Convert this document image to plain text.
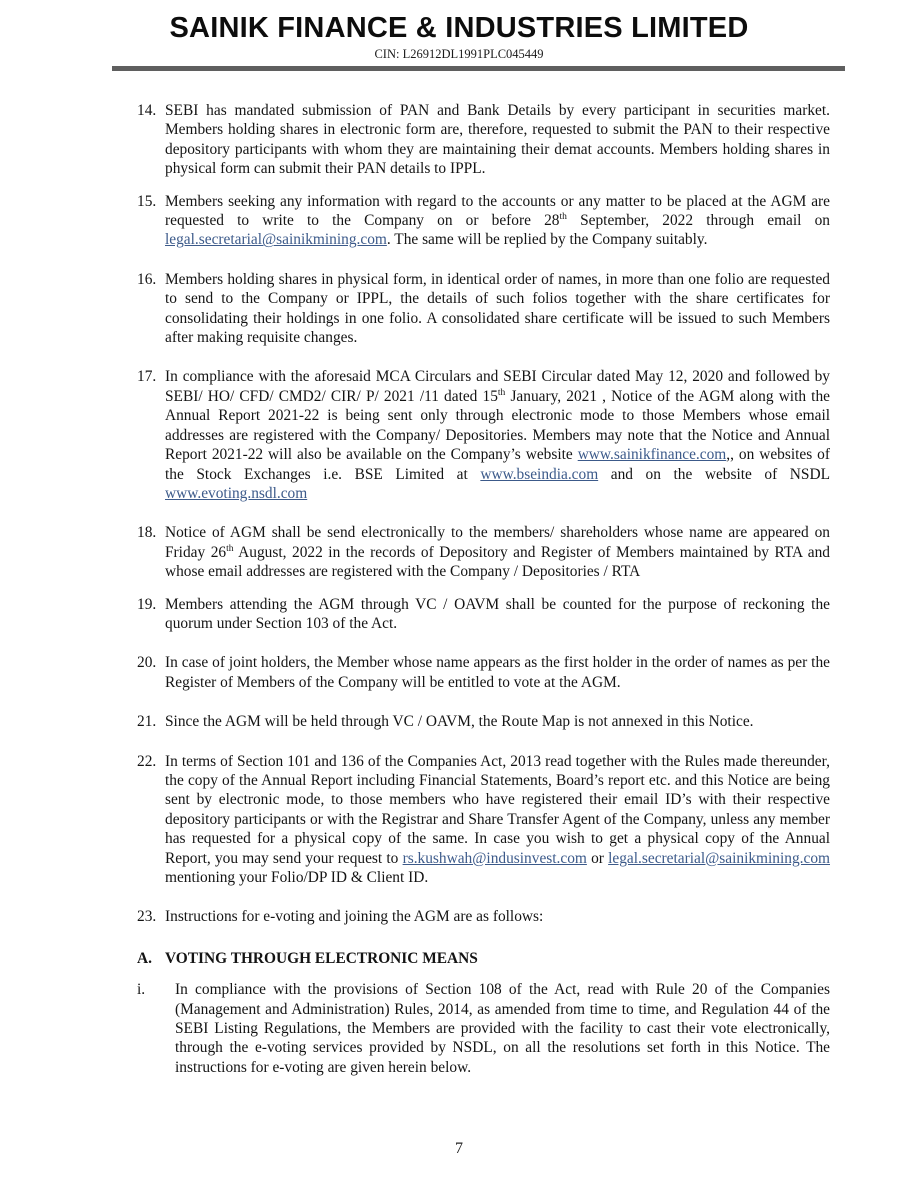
SAINIK FINANCE & INDUSTRIES LIMITED
CIN: L26912DL1991PLC045449
14. SEBI has mandated submission of PAN and Bank Details by every participant in securities market. Members holding shares in electronic form are, therefore, requested to submit the PAN to their respective depository participants with whom they are maintaining their demat accounts. Members holding shares in physical form can submit their PAN details to IPPL.

15. Members seeking any information with regard to the accounts or any matter to be placed at the AGM are requested to write to the Company on or before 28th September, 2022 through email on legal.secretarial@sainikmining.com. The same will be replied by the Company suitably.

16. Members holding shares in physical form, in identical order of names, in more than one folio are requested to send to the Company or IPPL, the details of such folios together with the share certificates for consolidating their holdings in one folio. A consolidated share certificate will be issued to such Members after making requisite changes.

17. In compliance with the aforesaid MCA Circulars and SEBI Circular dated May 12, 2020 and followed by SEBI/ HO/ CFD/ CMD2/ CIR/ P/ 2021 /11 dated 15th January, 2021 , Notice of the AGM along with the Annual Report 2021-22 is being sent only through electronic mode to those Members whose email addresses are registered with the Company/ Depositories. Members may note that the Notice and Annual Report 2021-22 will also be available on the Company’s website www.sainikfinance.com,, on websites of the Stock Exchanges i.e. BSE Limited at www.bseindia.com and on the website of NSDL www.evoting.nsdl.com

18. Notice of AGM shall be send electronically to the members/ shareholders whose name are appeared on Friday 26th August, 2022 in the records of Depository and Register of Members maintained by RTA and whose email addresses are registered with the Company / Depositories / RTA

19. Members attending the AGM through VC / OAVM shall be counted for the purpose of reckoning the quorum under Section 103 of the Act.

20. In case of joint holders, the Member whose name appears as the first holder in the order of names as per the Register of Members of the Company will be entitled to vote at the AGM.

21. Since the AGM will be held through VC / OAVM, the Route Map is not annexed in this Notice.

22. In terms of Section 101 and 136 of the Companies Act, 2013 read together with the Rules made thereunder, the copy of the Annual Report including Financial Statements, Board’s report etc. and this Notice are being sent by electronic mode, to those members who have registered their email ID’s with their respective depository participants or with the Registrar and Share Transfer Agent of the Company, unless any member has requested for a physical copy of the same. In case you wish to get a physical copy of the Annual Report, you may send your request to rs.kushwah@indusinvest.com or legal.secretarial@sainikmining.com mentioning your Folio/DP ID & Client ID.

23. Instructions for e-voting and joining the AGM are as follows:

A. VOTING THROUGH ELECTRONIC MEANS
i.	In compliance with the provisions of Section 108 of the Act, read with Rule 20 of the Companies (Management and Administration) Rules, 2014, as amended from time to time, and Regulation 44 of the SEBI Listing Regulations, the Members are provided with the facility to cast their vote electronically, through the e-voting services provided by NSDL, on all the resolutions set forth in this Notice. The instructions for e-voting are given herein below.

7
